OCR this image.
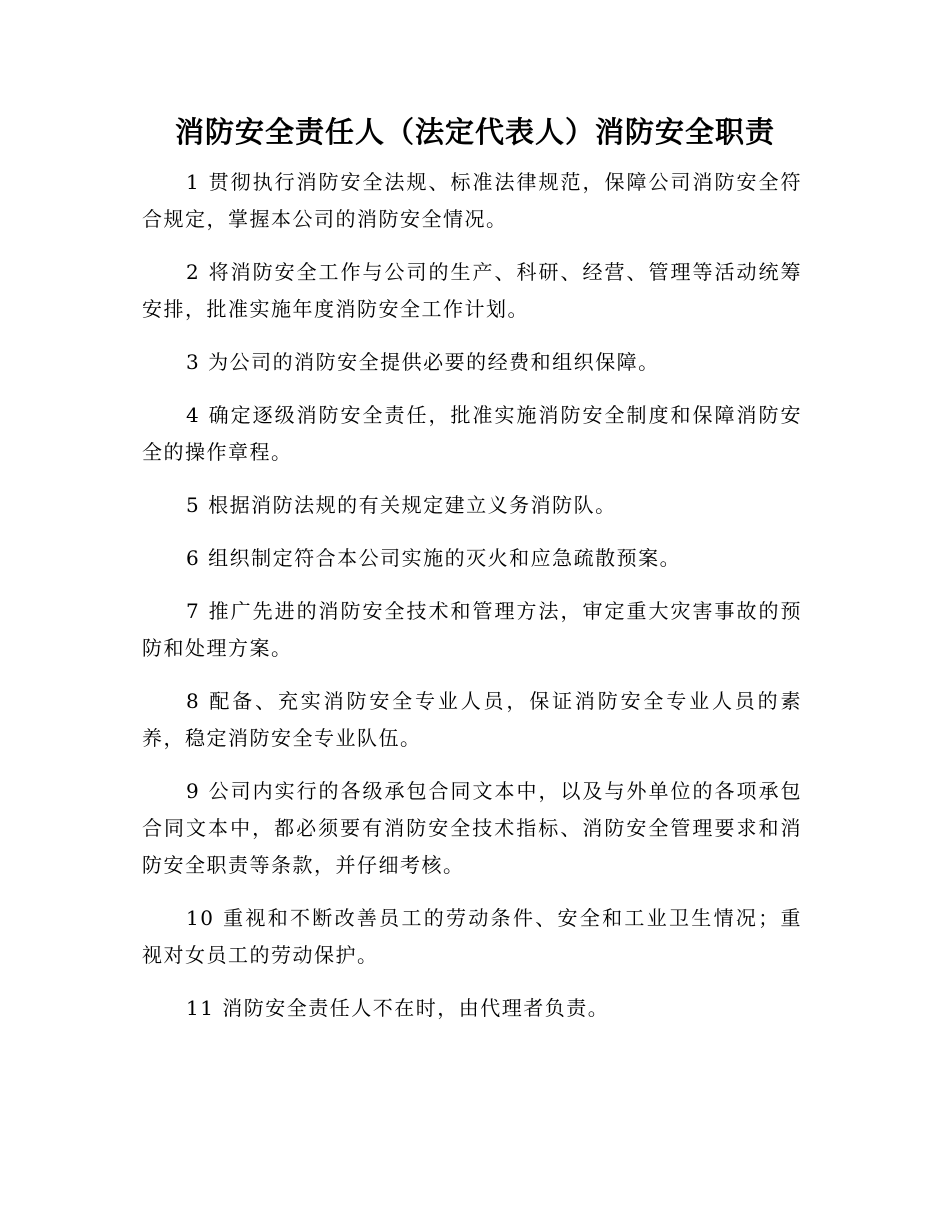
消防安全责任人（法定代表人）消防安全职责

1 贯彻执行消防安全法规、标准法律规范，保障公司消防安全符合规定，掌握本公司的消防安全情况。

2 将消防安全工作与公司的生产、科研、经营、管理等活动统筹安排，批准实施年度消防安全工作计划。

3 为公司的消防安全提供必要的经费和组织保障。

4 确定逐级消防安全责任，批准实施消防安全制度和保障消防安全的操作章程。

5 根据消防法规的有关规定建立义务消防队。

6 组织制定符合本公司实施的灭火和应急疏散预案。

7 推广先进的消防安全技术和管理方法，审定重大灾害事故的预防和处理方案。

8 配备、充实消防安全专业人员，保证消防安全专业人员的素养，稳定消防安全专业队伍。

9 公司内实行的各级承包合同文本中，以及与外单位的各项承包合同文本中，都必须要有消防安全技术指标、消防安全管理要求和消防安全职责等条款，并仔细考核。

10 重视和不断改善员工的劳动条件、安全和工业卫生情况；重视对女员工的劳动保护。

11 消防安全责任人不在时，由代理者负责。
